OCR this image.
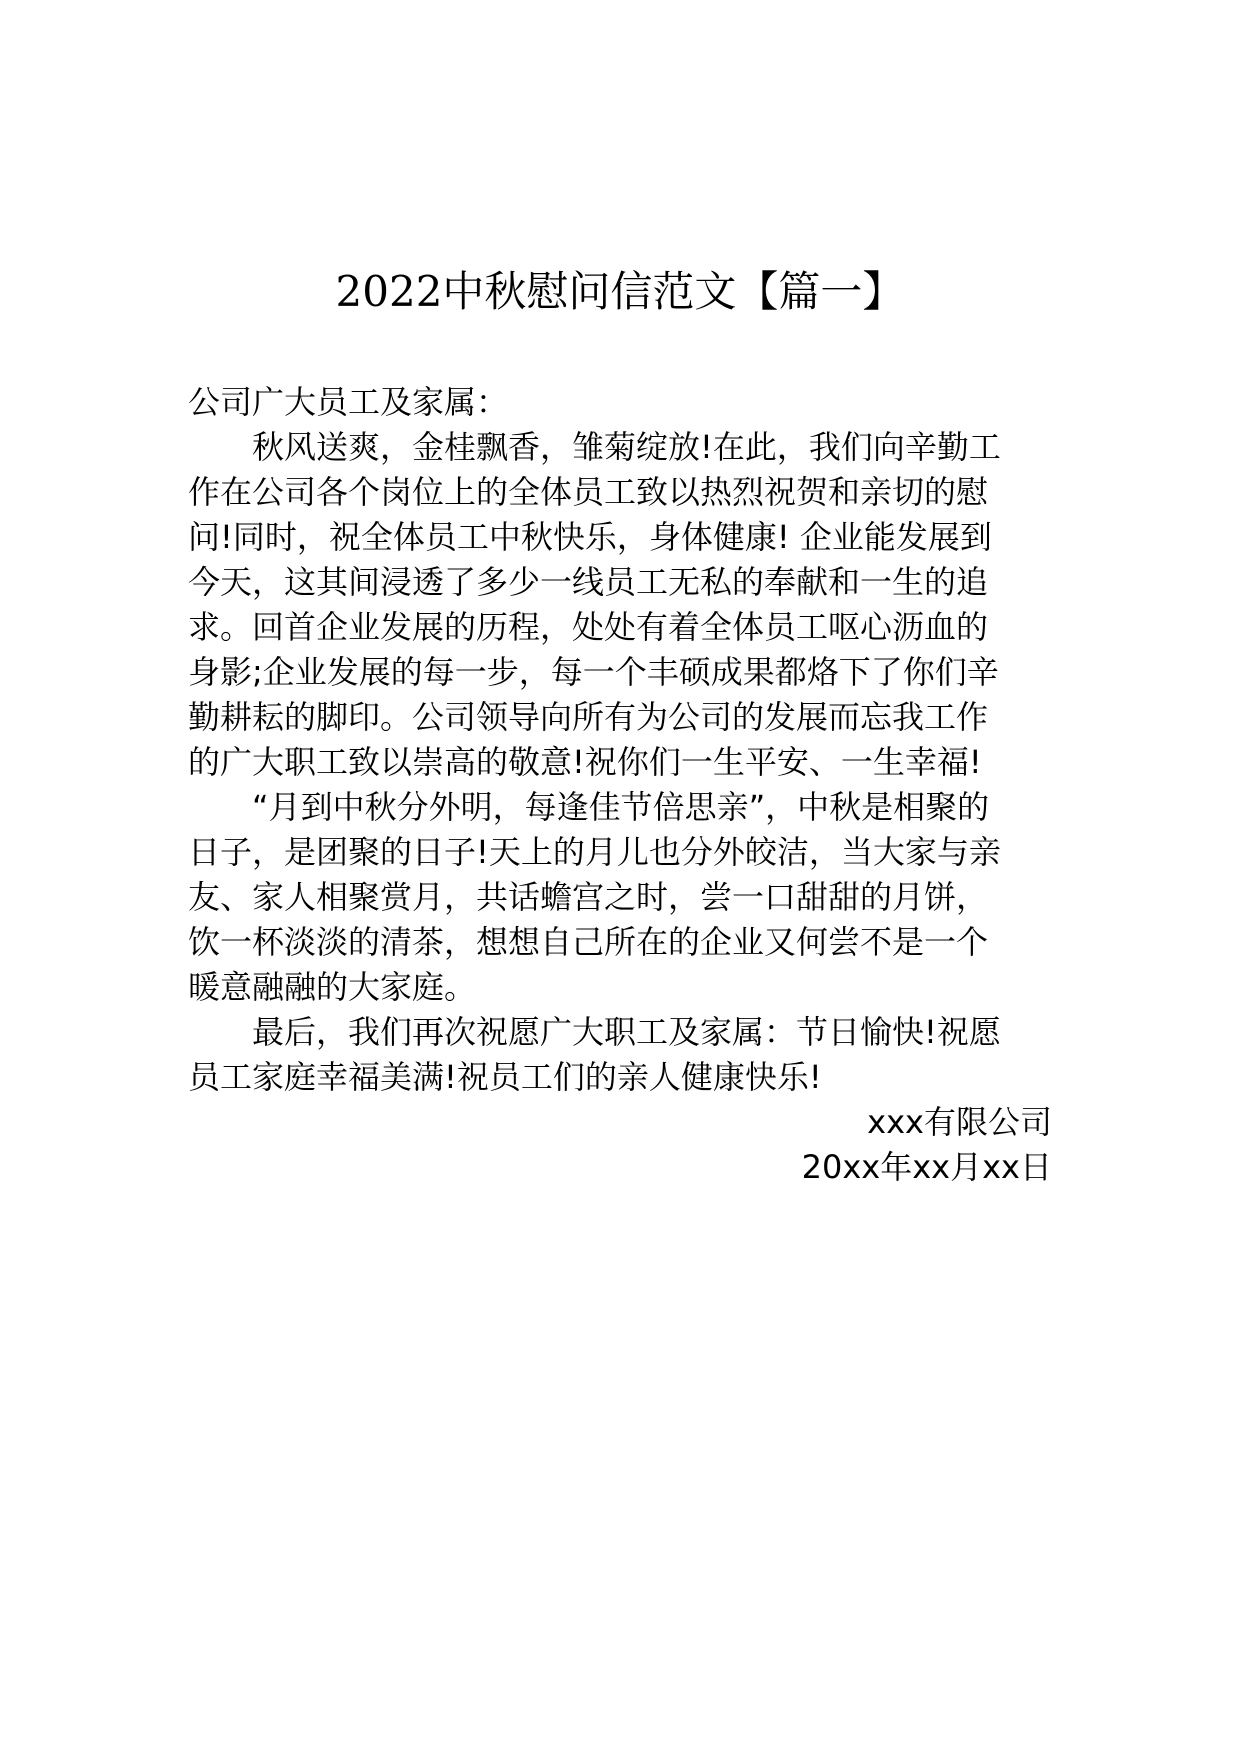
2022中秋慰问信范文【篇一】
公司广大员工及家属：
秋风送爽，金桂飘香，雏菊绽放!在此，我们向辛勤工
作在公司各个岗位上的全体员工致以热烈祝贺和亲切的慰
问!同时，祝全体员工中秋快乐，身体健康! 企业能发展到
今天，这其间浸透了多少一线员工无私的奉献和一生的追
求。回首企业发展的历程，处处有着全体员工呕心沥血的
身影;企业发展的每一步，每一个丰硕成果都烙下了你们辛
勤耕耘的脚印。公司领导向所有为公司的发展而忘我工作
的广大职工致以崇高的敬意!祝你们一生平安、一生幸福!
“月到中秋分外明，每逢佳节倍思亲”，中秋是相聚的
日子，是团聚的日子!天上的月儿也分外皎洁，当大家与亲
友、家人相聚赏月，共话蟾宫之时，尝一口甜甜的月饼，
饮一杯淡淡的清茶，想想自己所在的企业又何尝不是一个
暖意融融的大家庭。
最后，我们再次祝愿广大职工及家属：节日愉快!祝愿
员工家庭幸福美满!祝员工们的亲人健康快乐!
xxx有限公司
20xx年xx月xx日
